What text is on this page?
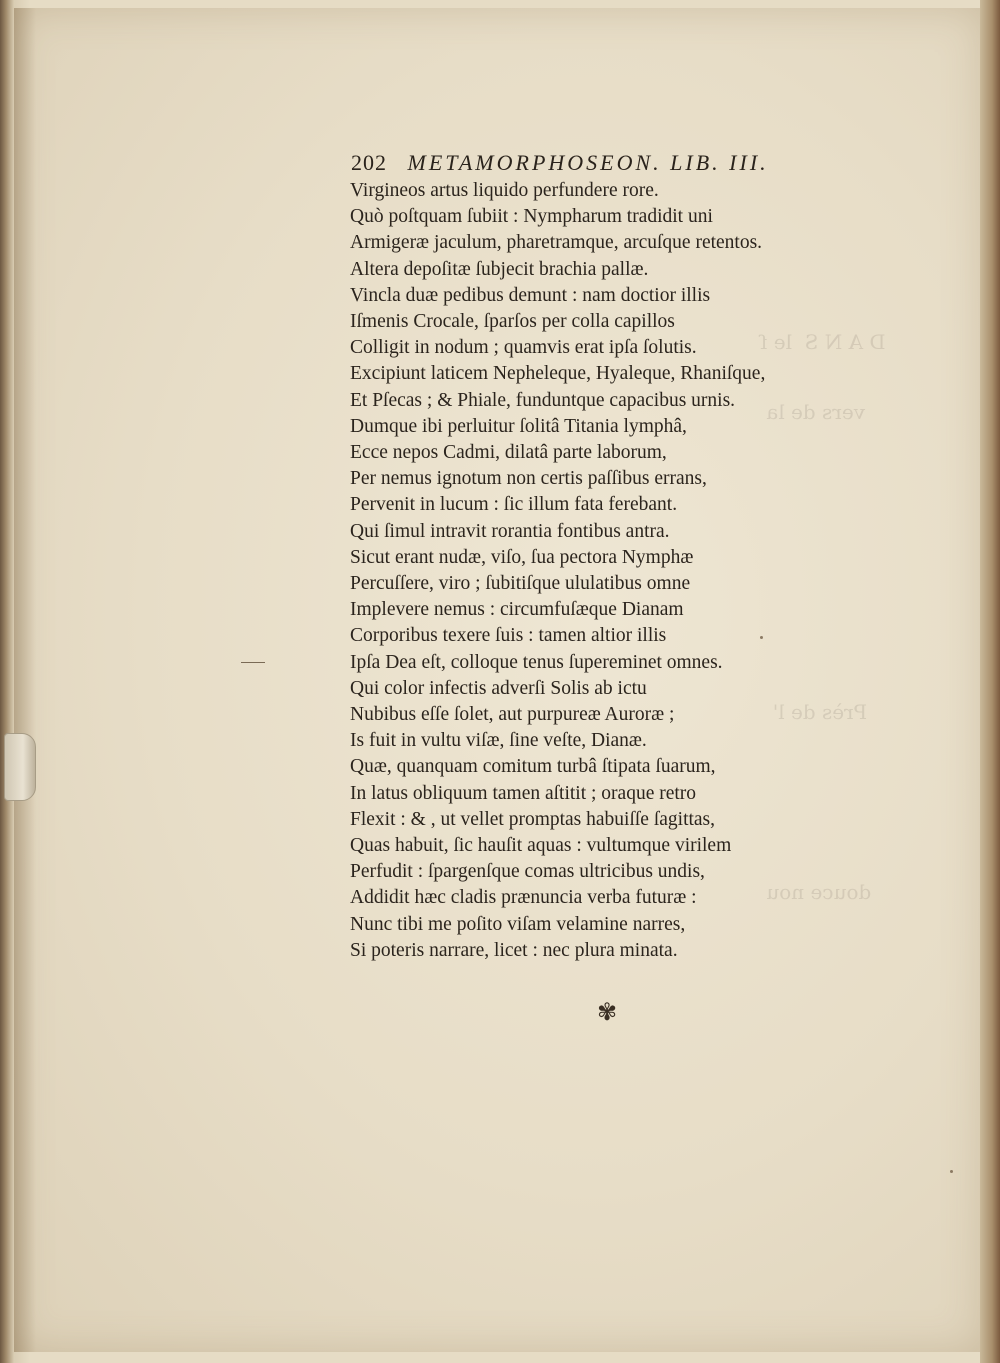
D A N S  le ſ
vers de la
Près de l'
douce nou
202 METAMORPHOSEON. LIB. III.
Virgineos artus liquido perfundere rore.
Quò poſtquam ſubiit : Nympharum tradidit uni
Armigeræ jaculum, pharetramque, arcuſque retentos.
Altera depoſitæ ſubjecit brachia pallæ.
Vincla duæ pedibus demunt : nam doctior illis
Iſmenis Crocale, ſparſos per colla capillos
Colligit in nodum ; quamvis erat ipſa ſolutis.
Excipiunt laticem Nepheleque, Hyaleque, Rhaniſque,
Et Pſecas ; & Phiale, funduntque capacibus urnis.
Dumque ibi perluitur ſolitâ Titania lymphâ,
Ecce nepos Cadmi, dilatâ parte laborum,
Per nemus ignotum non certis paſſibus errans,
Pervenit in lucum : ſic illum fata ferebant.
Qui ſimul intravit rorantia fontibus antra.
Sicut erant nudæ, viſo, ſua pectora Nymphæ
Percuſſere, viro ; ſubitiſque ululatibus omne
Implevere nemus : circumfuſæque Dianam
Corporibus texere ſuis : tamen altior illis
Ipſa Dea eſt, colloque tenus ſupereminet omnes.
Qui color infectis adverſi Solis ab ictu
Nubibus eſſe ſolet, aut purpureæ Auroræ ;
Is fuit in vultu viſæ, ſine veſte, Dianæ.
Quæ, quanquam comitum turbâ ſtipata ſuarum,
In latus obliquum tamen aſtitit ; oraque retro
Flexit : & , ut vellet promptas habuiſſe ſagittas,
Quas habuit, ſic hauſit aquas : vultumque virilem
Perfudit : ſpargenſque comas ultricibus undis,
Addidit hæc cladis prænuncia verba futuræ :
Nunc tibi me poſito viſam velamine narres,
Si poteris narrare, licet : nec plura minata.
✾
